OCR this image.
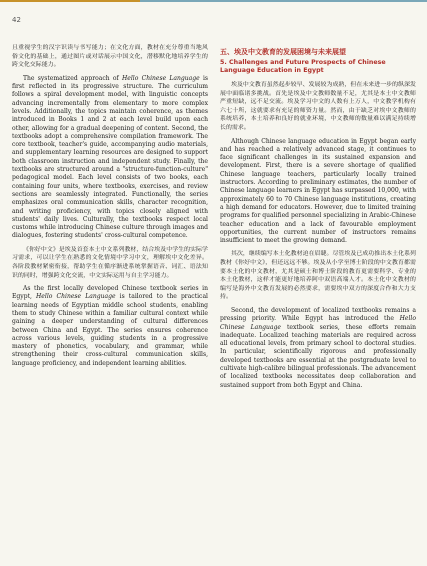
42

且重视学生的汉字识读与书写能力；在文化方面，教材在充分尊重当地风俗文化的基础上，通过图片或对话展示中国文化，潜移默化地培养学生的跨文化交际能力。

The systematized approach of Hello Chinese Language is first reflected in its progressive structure. The curriculum follows a spiral development model, with linguistic concepts advancing incrementally from elementary to more complex levels. Additionally, the topics maintain coherence, as themes introduced in Books 1 and 2 at each level build upon each other, allowing for a gradual deepening of content. Second, the textbooks adopt a comprehensive compilation framework. The core textbook, teacher's guide, accompanying audio materials, and supplementary learning resources are designed to support both classroom instruction and independent study. Finally, the textbooks are structured around a "structure-function-culture" pedagogical model. Each level consists of two books, each containing four units, where textbooks, exercises, and review sections are seamlessly integrated. Functionally, the series emphasizes oral communication skills, character recognition, and writing proficiency, with topics closely aligned with students' daily lives. Culturally, the textbooks respect local customs while introducing Chinese culture through images and dialogues, fostering students' cross-cultural competence.

《你好中文》是埃及首套本土中文系列教材，结合埃及中学生的实际学习需求，可以让学生在熟悉的文化情境中学习中文，理解埃中文化差异。各阶段教材紧密衔接，帮助学生在循序渐进系统掌握语音、词汇、语法知识的同时，增强跨文化交流，中文实际运用与自主学习能力。

As the first locally developed Chinese textbook series in Egypt, Hello Chinese Language is tailored to the practical learning needs of Egyptian middle school students, enabling them to study Chinese within a familiar cultural context while gaining a deeper understanding of cultural differences between China and Egypt. The series ensures coherence across various levels, guiding students in a progressive mastery of phonetics, vocabulary, and grammar, while strengthening their cross-cultural communication skills, language proficiency, and independent learning abilities.

五、埃及中文教育的发展困境与未来展望
5. Challenges and Future Prospects of Chinese Language Education in Egypt

埃及中文教育虽然起步较早、发展较为成熟，但在未来进一步的纵深发展中面临诸多挑战。首先是埃及中文教师数量不足，尤其是本土中文教师严重短缺，远不足交流。埃及学习中文的人数有上万人，中文教学机构有六七十所，这就要求有充足的师资力量。然而，由于缺乏对埃中文教师的系统培养，本土培养和良好的就业环境，中文教师的数量难以满足持续增长的需求。

Although Chinese language education in Egypt began early and has reached a relatively advanced stage, it continues to face significant challenges in its sustained expansion and development. First, there is a severe shortage of qualified Chinese language teachers, particularly locally trained instructors. According to preliminary estimates, the number of Chinese language learners in Egypt has surpassed 10,000, with approximately 60 to 70 Chinese language institutions, creating a high demand for educators. However, due to limited training programs for qualified personnel specializing in Arabic-Chinese teacher education and a lack of favourable employment opportunities, the current number of instructors remains insufficient to meet the growing demand.

其次，继续编写本土化教材迫在眉睫。尽管埃及已成功推出本土化系列教材《你好中文》，但还远远不够。埃及从小学至博士阶段的中文教育都需要本土化的中文教材，尤其是硕士和博士阶段的教育更需要科学、专业的本土化教材，这样才能更好地培养阿中双语高端人才。本土化中文教材的编写是海外中文教育发展的必然要求，需要埃中双方的深度合作和大力支持。

Second, the development of localized textbooks remains a pressing priority. While Egypt has introduced the Hello Chinese Language textbook series, these efforts remain inadequate. Localized teaching materials are required across all educational levels, from primary school to doctoral studies. In particular, scientifically rigorous and professionally developed textbooks are essential at the postgraduate level to cultivate high-calibre bilingual professionals. The advancement of localized textbooks necessitates deep collaboration and sustained support from both Egypt and China.
